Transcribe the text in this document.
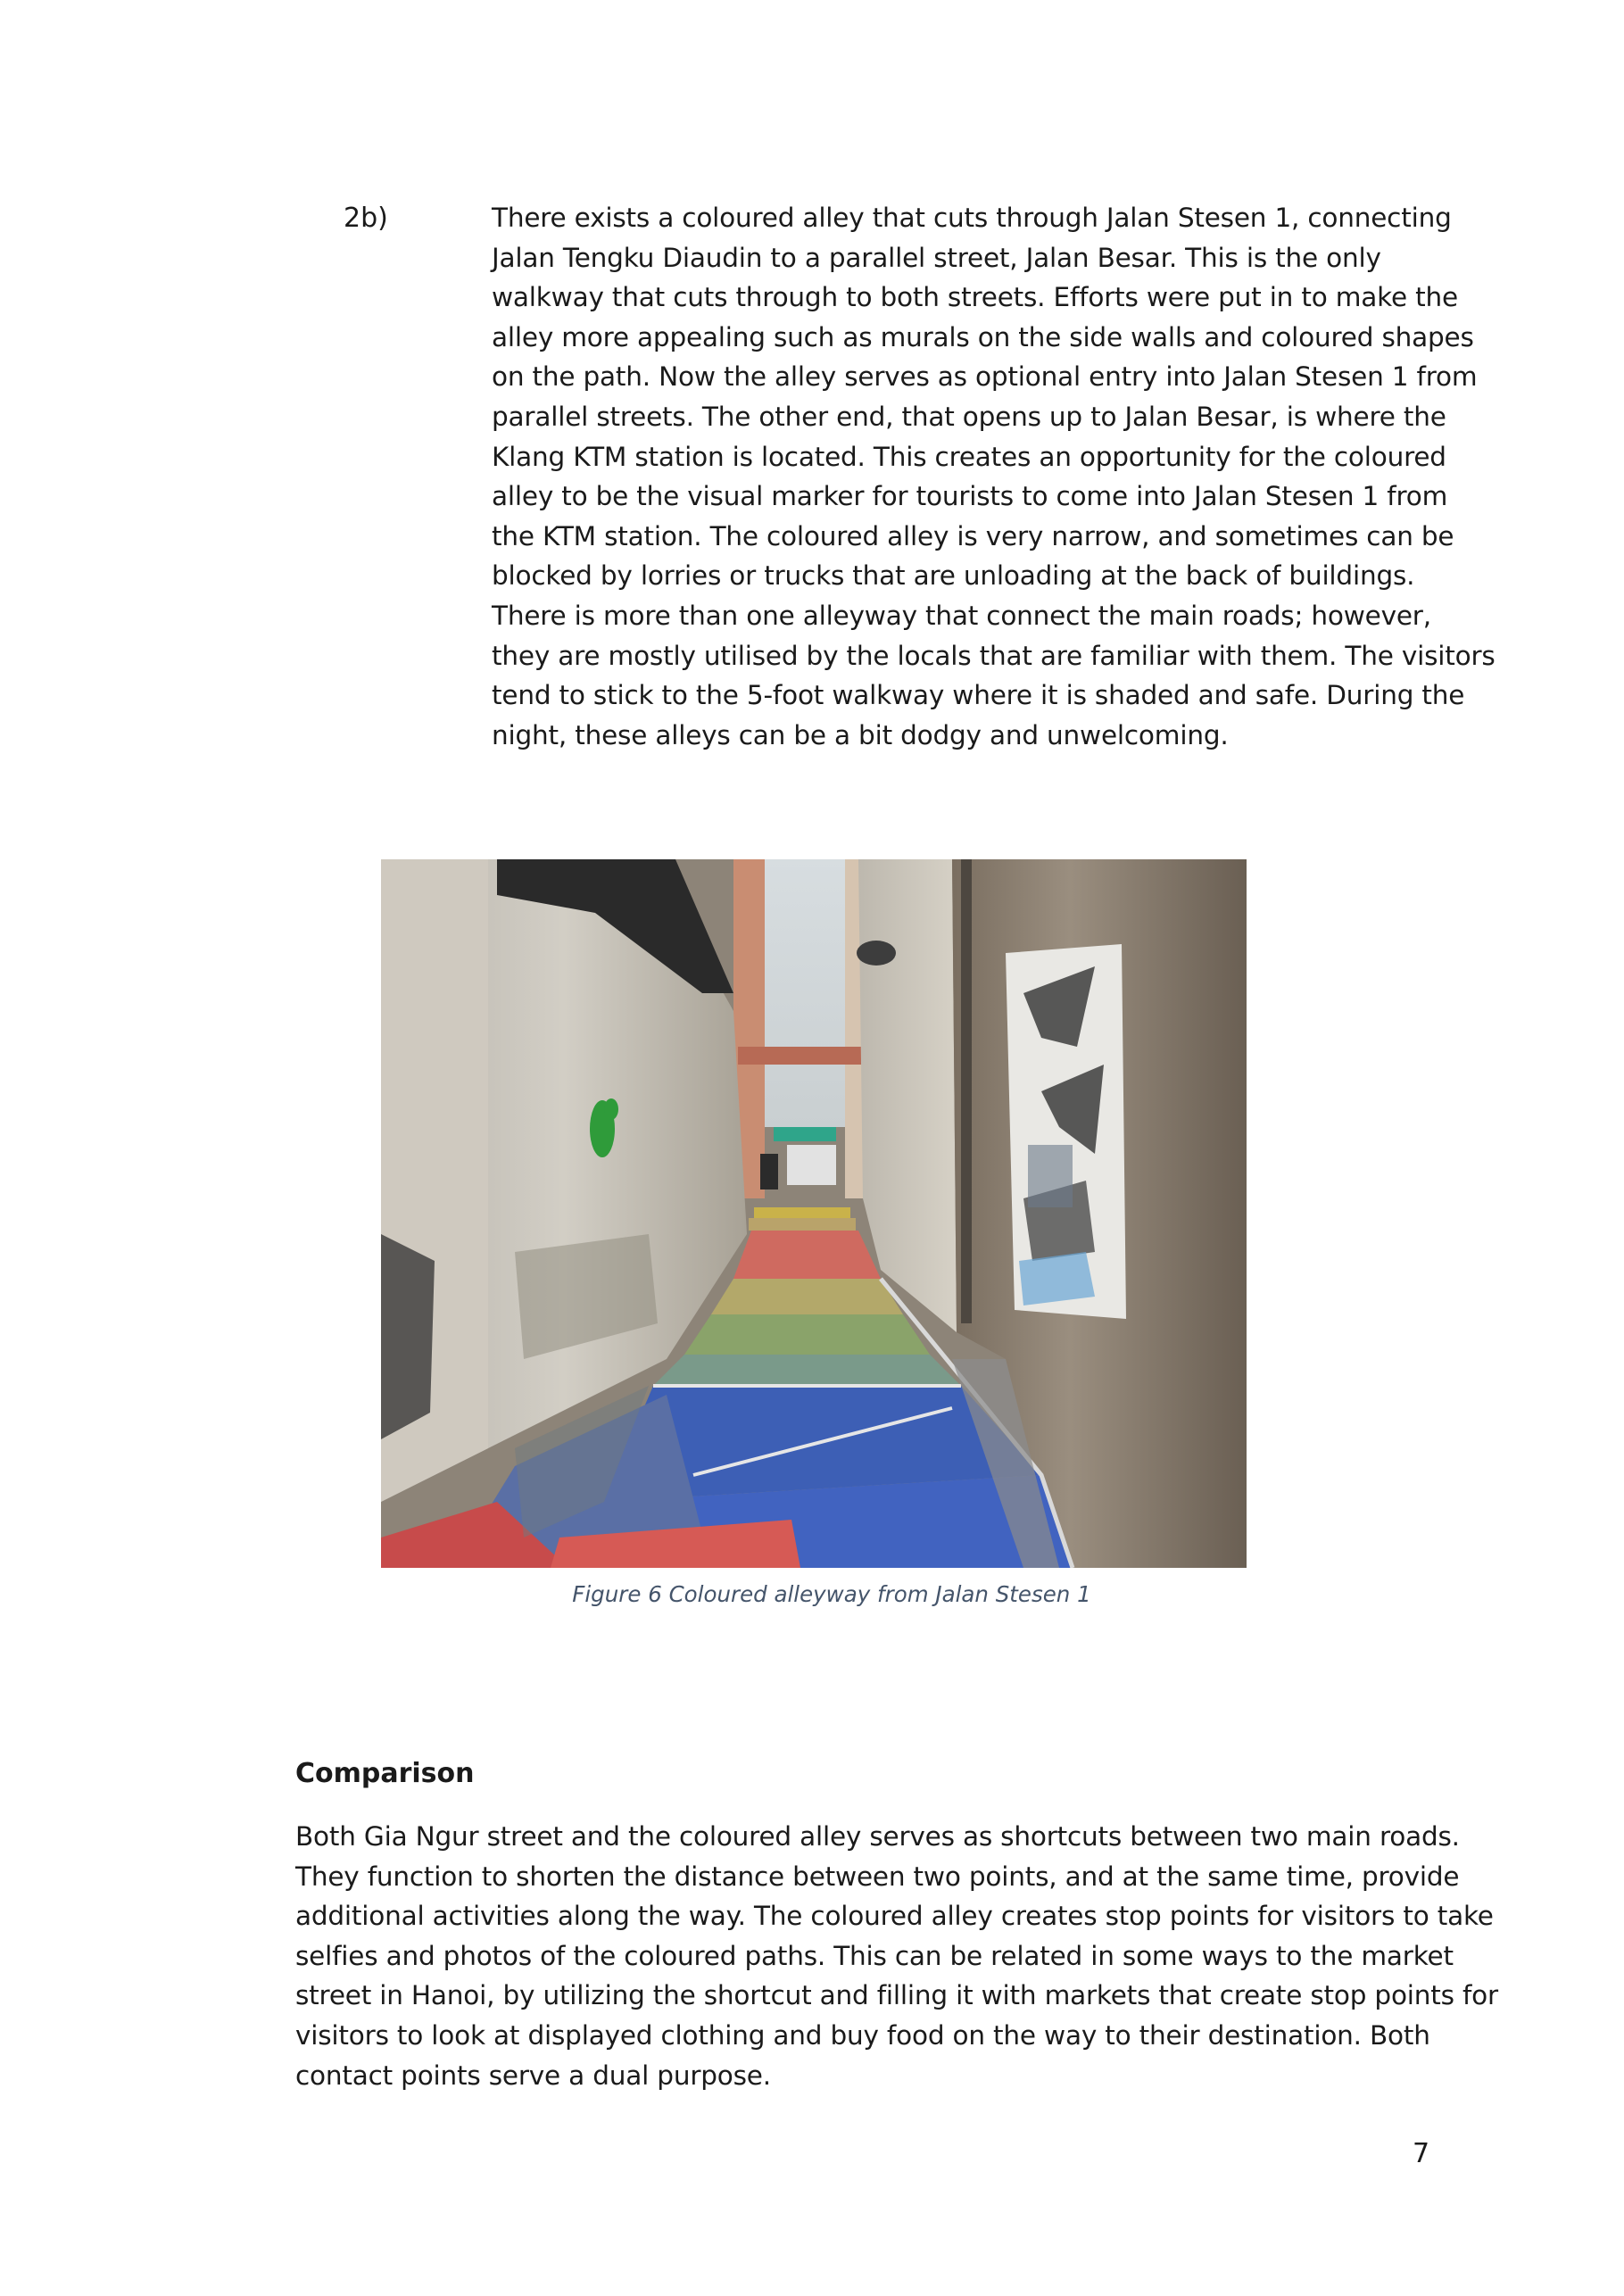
2b)	There exists a coloured alley that cuts through Jalan Stesen 1, connecting
Jalan Tengku Diaudin to a parallel street, Jalan Besar. This is the only
walkway that cuts through to both streets. Efforts were put in to make the
alley more appealing such as murals on the side walls and coloured shapes
on the path. Now the alley serves as optional entry into Jalan Stesen 1 from
parallel streets. The other end, that opens up to Jalan Besar, is where the
Klang KTM station is located. This creates an opportunity for the coloured
alley to be the visual marker for tourists to come into Jalan Stesen 1 from
the KTM station. The coloured alley is very narrow, and sometimes can be
blocked by lorries or trucks that are unloading at the back of buildings.
There is more than one alleyway that connect the main roads; however,
they are mostly utilised by the locals that are familiar with them. The visitors
tend to stick to the 5-foot walkway where it is shaded and safe. During the
night, these alleys can be a bit dodgy and unwelcoming.
Figure 6 Coloured alleyway from Jalan Stesen 1
Comparison
Both Gia Ngur street and the coloured alley serves as shortcuts between two main roads.
They function to shorten the distance between two points, and at the same time, provide
additional activities along the way. The coloured alley creates stop points for visitors to take
selfies and photos of the coloured paths. This can be related in some ways to the market
street in Hanoi, by utilizing the shortcut and filling it with markets that create stop points for
visitors to look at displayed clothing and buy food on the way to their destination. Both
contact points serve a dual purpose.
7
